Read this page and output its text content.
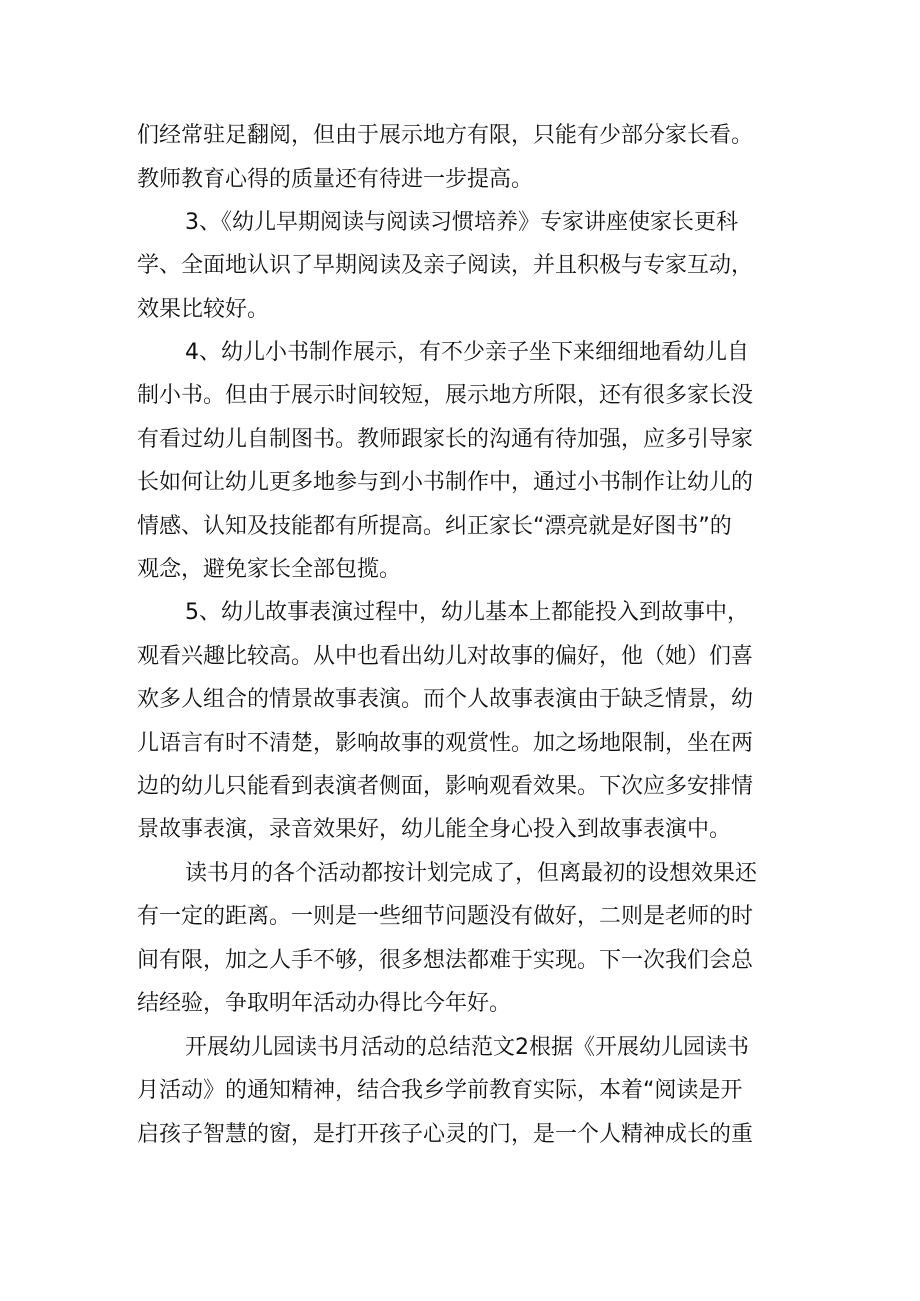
们经常驻足翻阅，但由于展示地方有限，只能有少部分家长看。
教师教育心得的质量还有待进一步提高。
3、《幼儿早期阅读与阅读习惯培养》专家讲座使家长更科
学、全面地认识了早期阅读及亲子阅读，并且积极与专家互动，
效果比较好。
4、幼儿小书制作展示，有不少亲子坐下来细细地看幼儿自
制小书。但由于展示时间较短，展示地方所限，还有很多家长没
有看过幼儿自制图书。教师跟家长的沟通有待加强，应多引导家
长如何让幼儿更多地参与到小书制作中，通过小书制作让幼儿的
情感、认知及技能都有所提高。纠正家长“漂亮就是好图书”的
观念，避免家长全部包揽。
5、幼儿故事表演过程中，幼儿基本上都能投入到故事中，
观看兴趣比较高。从中也看出幼儿对故事的偏好，他（她）们喜
欢多人组合的情景故事表演。而个人故事表演由于缺乏情景，幼
儿语言有时不清楚，影响故事的观赏性。加之场地限制，坐在两
边的幼儿只能看到表演者侧面，影响观看效果。下次应多安排情
景故事表演，录音效果好，幼儿能全身心投入到故事表演中。
读书月的各个活动都按计划完成了，但离最初的设想效果还
有一定的距离。一则是一些细节问题没有做好，二则是老师的时
间有限，加之人手不够，很多想法都难于实现。下一次我们会总
结经验，争取明年活动办得比今年好。
开展幼儿园读书月活动的总结范文2根据《开展幼儿园读书
月活动》的通知精神，结合我乡学前教育实际，本着“阅读是开
启孩子智慧的窗，是打开孩子心灵的门，是一个人精神成长的重
